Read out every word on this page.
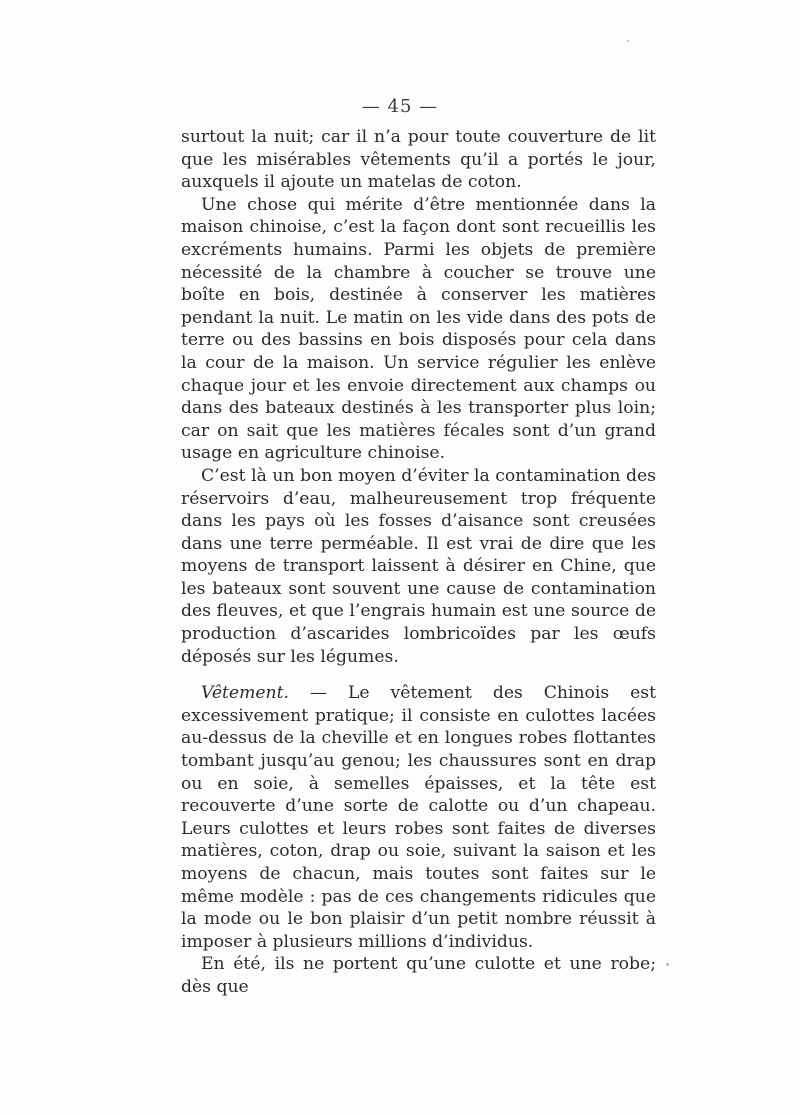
— 45 —

surtout la nuit; car il n’a pour toute couverture de lit que les misérables vêtements qu’il a portés le jour, auxquels il ajoute un matelas de coton.

Une chose qui mérite d’être mentionnée dans la maison chinoise, c’est la façon dont sont recueillis les excréments humains. Parmi les objets de première nécessité de la chambre à coucher se trouve une boîte en bois, destinée à conserver les matières pendant la nuit. Le matin on les vide dans des pots de terre ou des bassins en bois disposés pour cela dans la cour de la maison. Un service régulier les enlève chaque jour et les envoie directement aux champs ou dans des bateaux destinés à les transporter plus loin; car on sait que les matières fécales sont d’un grand usage en agriculture chinoise.

C’est là un bon moyen d’éviter la contamination des réservoirs d’eau, malheureusement trop fréquente dans les pays où les fosses d’aisance sont creusées dans une terre perméable. Il est vrai de dire que les moyens de transport laissent à désirer en Chine, que les bateaux sont souvent une cause de contamination des fleuves, et que l’engrais humain est une source de production d’ascarides lombricoïdes par les œufs déposés sur les légumes.

Vêtement. — Le vêtement des Chinois est excessivement pratique; il consiste en culottes lacées au-dessus de la cheville et en longues robes flottantes tombant jusqu’au genou; les chaussures sont en drap ou en soie, à semelles épaisses, et la tête est recouverte d’une sorte de calotte ou d’un chapeau. Leurs culottes et leurs robes sont faites de diverses matières, coton, drap ou soie, suivant la saison et les moyens de chacun, mais toutes sont faites sur le même modèle : pas de ces changements ridicules que la mode ou le bon plaisir d’un petit nombre réussit à imposer à plusieurs millions d’individus.

En été, ils ne portent qu’une culotte et une robe; dès que
